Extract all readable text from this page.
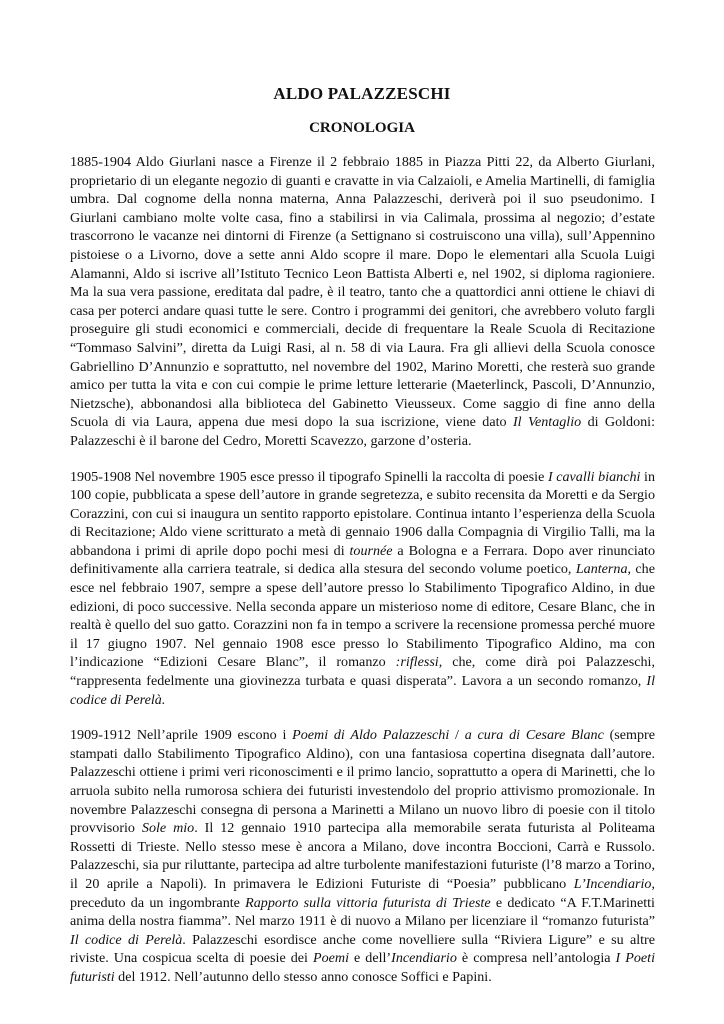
ALDO PALAZZESCHI
CRONOLOGIA

1885-1904 Aldo Giurlani nasce a Firenze il 2 febbraio 1885 in Piazza Pitti 22, da Alberto Giurlani, proprietario di un elegante negozio di guanti e cravatte in via Calzaioli, e Amelia Martinelli, di famiglia umbra. Dal cognome della nonna materna, Anna Palazzeschi, deriverà poi il suo pseudonimo. I Giurlani cambiano molte volte casa, fino a stabilirsi in via Calimala, prossima al negozio; d’estate trascorrono le vacanze nei dintorni di Firenze (a Settignano si costruiscono una villa), sull’Appennino pistoiese o a Livorno, dove a sette anni Aldo scopre il mare. Dopo le elementari alla Scuola Luigi Alamanni, Aldo si iscrive all’Istituto Tecnico Leon Battista Alberti e, nel 1902, si diploma ragioniere. Ma la sua vera passione, ereditata dal padre, è il teatro, tanto che a quattordici anni ottiene le chiavi di casa per poterci andare quasi tutte le sere. Contro i programmi dei genitori, che avrebbero voluto fargli proseguire gli studi economici e commerciali, decide di frequentare la Reale Scuola di Recitazione “Tommaso Salvini”, diretta da Luigi Rasi, al n. 58 di via Laura. Fra gli allievi della Scuola conosce Gabriellino D’Annunzio e soprattutto, nel novembre del 1902, Marino Moretti, che resterà suo grande amico per tutta la vita e con cui compie le prime letture letterarie (Maeterlinck, Pascoli, D’Annunzio, Nietzsche), abbonandosi alla biblioteca del Gabinetto Vieusseux. Come saggio di fine anno della Scuola di via Laura, appena due mesi dopo la sua iscrizione, viene dato Il Ventaglio di Goldoni: Palazzeschi è il barone del Cedro, Moretti Scavezzo, garzone d’osteria.

1905-1908 Nel novembre 1905 esce presso il tipografo Spinelli la raccolta di poesie I cavalli bianchi in 100 copie, pubblicata a spese dell’autore in grande segretezza, e subito recensita da Moretti e da Sergio Corazzini, con cui si inaugura un sentito rapporto epistolare. Continua intanto l’esperienza della Scuola di Recitazione; Aldo viene scritturato a metà di gennaio 1906 dalla Compagnia di Virgilio Talli, ma la abbandona i primi di aprile dopo pochi mesi di tournée a Bologna e a Ferrara. Dopo aver rinunciato definitivamente alla carriera teatrale, si dedica alla stesura del secondo volume poetico, Lanterna, che esce nel febbraio 1907, sempre a spese dell’autore presso lo Stabilimento Tipografico Aldino, in due edizioni, di poco successive. Nella seconda appare un misterioso nome di editore, Cesare Blanc, che in realtà è quello del suo gatto. Corazzini non fa in tempo a scrivere la recensione promessa perché muore il 17 giugno 1907. Nel gennaio 1908 esce presso lo Stabilimento Tipografico Aldino, ma con l’indicazione “Edizioni Cesare Blanc”, il romanzo :riflessi, che, come dirà poi Palazzeschi, “rappresenta fedelmente una giovinezza turbata e quasi disperata”. Lavora a un secondo romanzo, Il codice di Perelà.

1909-1912 Nell’aprile 1909 escono i Poemi di Aldo Palazzeschi / a cura di Cesare Blanc (sempre stampati dallo Stabilimento Tipografico Aldino), con una fantasiosa copertina disegnata dall’autore. Palazzeschi ottiene i primi veri riconoscimenti e il primo lancio, soprattutto a opera di Marinetti, che lo arruola subito nella rumorosa schiera dei futuristi investendolo del proprio attivismo promozionale. In novembre Palazzeschi consegna di persona a Marinetti a Milano un nuovo libro di poesie con il titolo provvisorio Sole mio. Il 12 gennaio 1910 partecipa alla memorabile serata futurista al Politeama Rossetti di Trieste. Nello stesso mese è ancora a Milano, dove incontra Boccioni, Carrà e Russolo. Palazzeschi, sia pur riluttante, partecipa ad altre turbolente manifestazioni futuriste (l’8 marzo a Torino, il 20 aprile a Napoli). In primavera le Edizioni Futuriste di “Poesia” pubblicano L’Incendiario, preceduto da un ingombrante Rapporto sulla vittoria futurista di Trieste e dedicato “A F.T.Marinetti anima della nostra fiamma”. Nel marzo 1911 è di nuovo a Milano per licenziare il “romanzo futurista” Il codice di Perelà. Palazzeschi esordisce anche come novelliere sulla “Riviera Ligure” e su altre riviste. Una cospicua scelta di poesie dei Poemi e dell’Incendiario è compresa nell’antologia I Poeti futuristi del 1912. Nell’autunno dello stesso anno conosce Soffici e Papini.
